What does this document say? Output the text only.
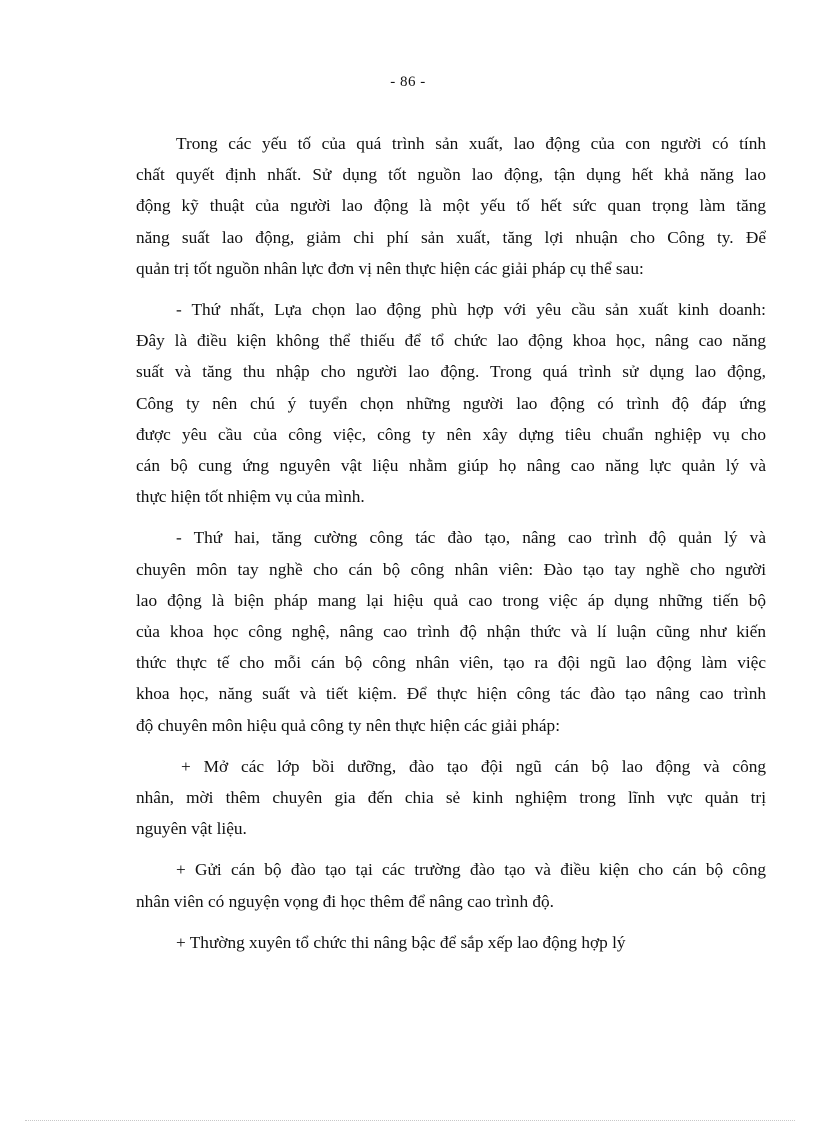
- 86 -
Trong các yếu tố của quá trình sản xuất, lao động của con người có tính
chất quyết định nhất. Sử dụng tốt nguồn lao động, tận dụng hết khả năng lao
động kỹ thuật của người lao động là một yếu tố hết sức quan trọng làm tăng
năng suất lao động, giảm chi phí sản xuất, tăng lợi nhuận cho Công ty. Để
quản trị tốt nguồn nhân lực đơn vị nên thực hiện các giải pháp cụ thể sau:
- Thứ nhất, Lựa chọn lao động phù hợp với yêu cầu sản xuất kinh doanh:
Đây là điều kiện không thể thiếu để tổ chức lao động khoa học, nâng cao năng
suất và tăng thu nhập cho người lao động. Trong quá trình sử dụng lao động,
Công ty nên chú ý tuyển chọn những người lao động có trình độ đáp ứng
được yêu cầu của công việc, công ty nên xây dựng tiêu chuẩn nghiệp vụ cho
cán bộ cung ứng nguyên vật liệu nhằm giúp họ nâng cao năng lực quản lý và
thực hiện tốt nhiệm vụ của mình.
- Thứ hai, tăng cường công tác đào tạo, nâng cao trình độ quản lý và
chuyên môn tay nghề cho cán bộ công nhân viên: Đào tạo tay nghề cho người
lao động là biện pháp mang lại hiệu quả cao trong việc áp dụng những tiến bộ
của khoa học công nghệ, nâng cao trình độ nhận thức và lí luận cũng như kiến
thức thực tế cho mỗi cán bộ công nhân viên, tạo ra đội ngũ lao động làm việc
khoa học, năng suất và tiết kiệm. Để thực hiện công tác đào tạo nâng cao trình
độ chuyên môn hiệu quả công ty nên thực hiện các giải pháp:
+ Mở các lớp bồi dưỡng, đào tạo đội ngũ cán bộ lao động và công
nhân, mời thêm chuyên gia đến chia sẻ kinh nghiệm trong lĩnh vực quản trị
nguyên vật liệu.
+ Gửi cán bộ đào tạo tại các trường đào tạo và điều kiện cho cán bộ công
nhân viên có nguyện vọng đi học thêm để nâng cao trình độ.
+ Thường xuyên tổ chức thi nâng bậc để sắp xếp lao động hợp lý
